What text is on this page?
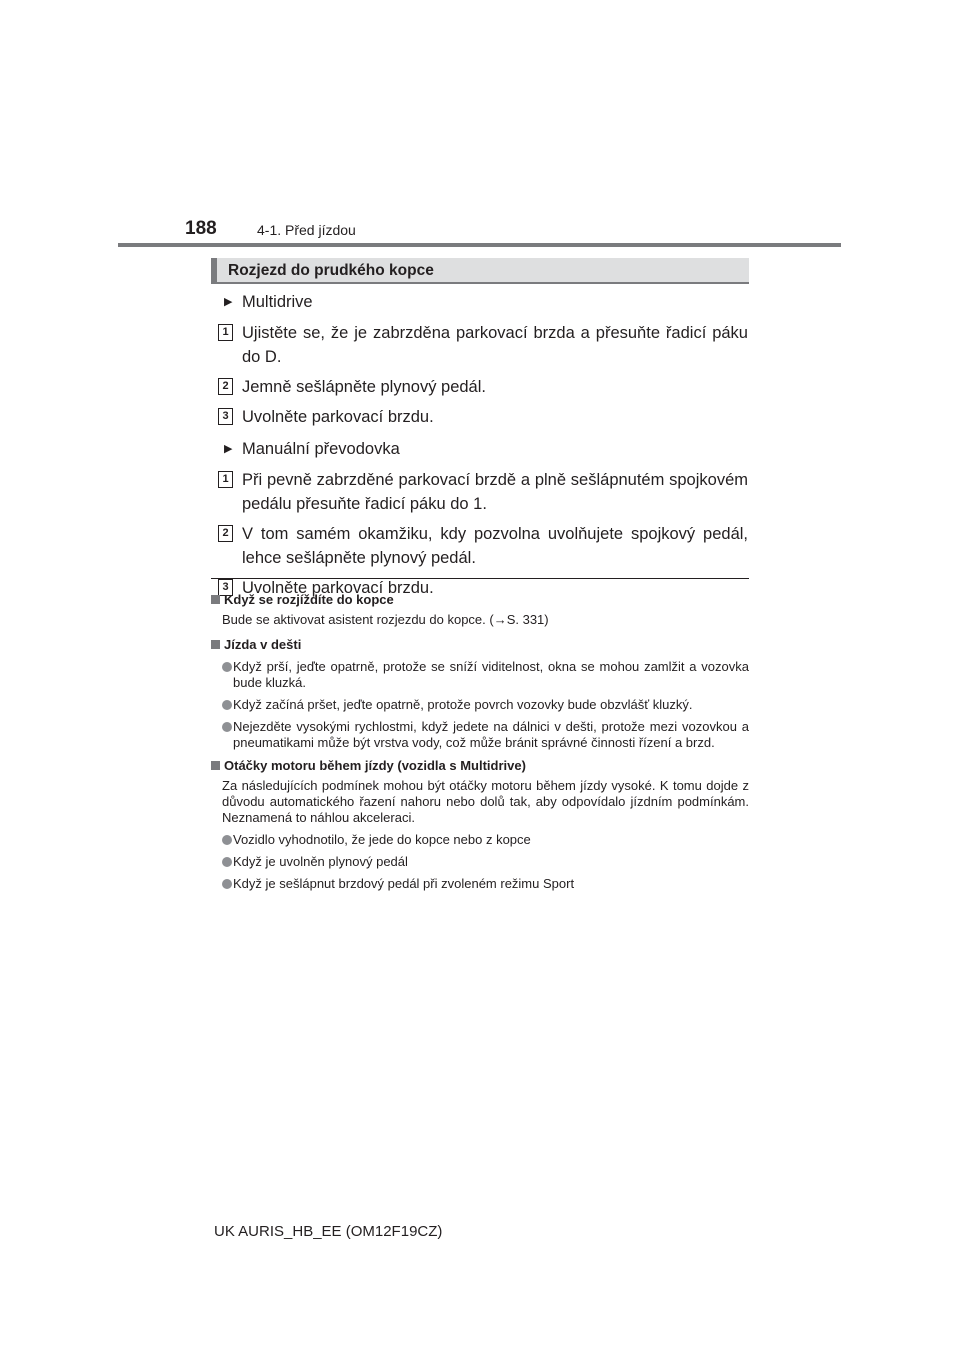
188	4-1. Před jízdou
Rozjezd do prudkého kopce
▶ Multidrive
1 Ujistěte se, že je zabrzděna parkovací brzda a přesuňte řadicí páku do D.
2 Jemně sešlápněte plynový pedál.
3 Uvolněte parkovací brzdu.
▶ Manuální převodovka
1 Při pevně zabrzděné parkovací brzdě a plně sešlápnutém spojkovém pedálu přesuňte řadicí páku do 1.
2 V tom samém okamžiku, kdy pozvolna uvolňujete spojkový pedál, lehce sešlápněte plynový pedál.
3 Uvolněte parkovací brzdu.
Když se rozjíždíte do kopce
Bude se aktivovat asistent rozjezdu do kopce. (→S. 331)
Jízda v dešti
Když prší, jeďte opatrně, protože se sníží viditelnost, okna se mohou zamlžit a vozovka bude kluzká.
Když začíná pršet, jeďte opatrně, protože povrch vozovky bude obzvlášť kluzký.
Nejezděte vysokými rychlostmi, když jedete na dálnici v dešti, protože mezi vozovkou a pneumatikami může být vrstva vody, což může bránit správné činnosti řízení a brzd.
Otáčky motoru během jízdy (vozidla s Multidrive)
Za následujících podmínek mohou být otáčky motoru během jízdy vysoké. K tomu dojde z důvodu automatického řazení nahoru nebo dolů tak, aby odpovídalo jízdním podmínkám. Neznamená to náhlou akceleraci.
Vozidlo vyhodnotilo, že jede do kopce nebo z kopce
Když je uvolněn plynový pedál
Když je sešlápnut brzdový pedál při zvoleném režimu Sport
UK AURIS_HB_EE (OM12F19CZ)
